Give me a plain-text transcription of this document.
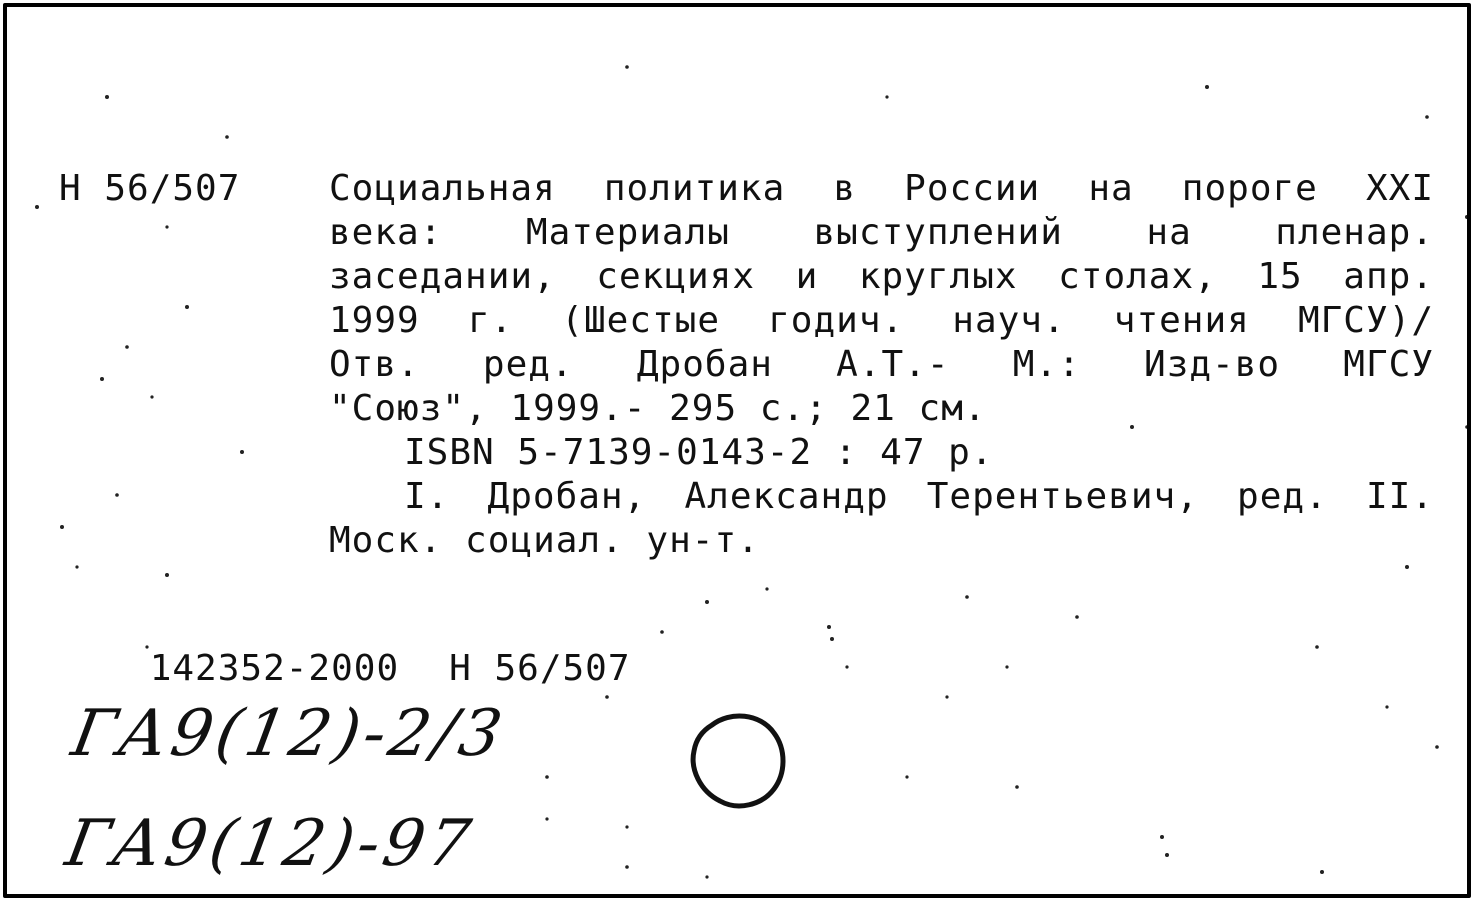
Н 56/507 Социальная политика в России на пороге XXI
века: Материалы выступлений на пленар.
заседании, секциях и круглых столах, 15 апр.
1999 г. (Шестые годич. науч. чтения МГСУ)/
Отв. ред. Дробан А.Т.- М.: Изд-во МГСУ
"Союз", 1999.- 295 с.; 21 см.
ISBN 5-7139-0143-2 : 47 р.
I. Дробан, Александр Терентьевич, ред. II.
Моск. социал. ун-т.

142352-2000 Н 56/507

ГА9(12)-2/3
ГА9(12)-97
